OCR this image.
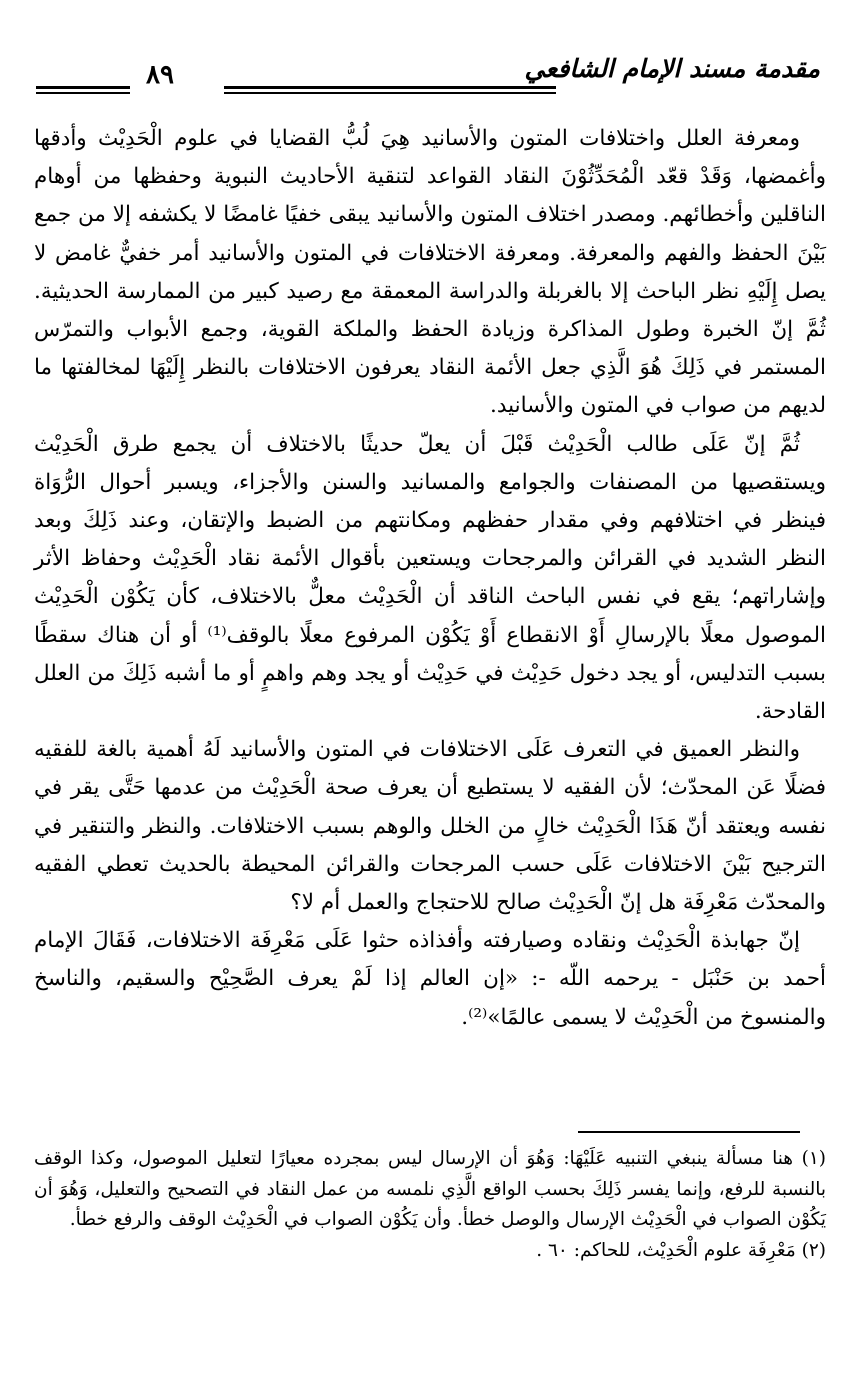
مقدمة مسند الإمام الشافعي
٨٩

ومعرفة العلل واختلافات المتون والأسانيد هِيَ لُبُّ القضايا في علوم الْحَدِيْث وأدقها وأغمضها، وَقَدْ قعّد الْمُحَدِّثُوْنَ النقاد القواعد لتنقية الأحاديث النبوية وحفظها من أوهام الناقلين وأخطائهم. ومصدر اختلاف المتون والأسانيد يبقى خفيًا غامضًا لا يكشفه إلا من جمع بَيْنَ الحفظ والفهم والمعرفة. ومعرفة الاختلافات في المتون والأسانيد أمر خفيٌّ غامض لا يصل إِلَيْهِ نظر الباحث إلا بالغربلة والدراسة المعمقة مع رصيد كبير من الممارسة الحديثية. ثُمَّ إنّ الخبرة وطول المذاكرة وزيادة الحفظ والملكة القوية، وجمع الأبواب والتمرّس المستمر في ذَلِكَ هُوَ الَّذِي جعل الأئمة النقاد يعرفون الاختلافات بالنظر إِلَيْهَا لمخالفتها ما لديهم من صواب في المتون والأسانيد.

ثُمَّ إنّ عَلَى طالب الْحَدِيْث قَبْلَ أن يعلّ حديثًا بالاختلاف أن يجمع طرق الْحَدِيْث ويستقصيها من المصنفات والجوامع والمسانيد والسنن والأجزاء، ويسبر أحوال الرُّوَاة فينظر في اختلافهم وفي مقدار حفظهم ومكانتهم من الضبط والإتقان، وعند ذَلِكَ وبعد النظر الشديد في القرائن والمرجحات ويستعين بأقوال الأئمة نقاد الْحَدِيْث وحفاظ الأثر وإشاراتهم؛ يقع في نفس الباحث الناقد أن الْحَدِيْث معلٌّ بالاختلاف، كأن يَكُوْن الْحَدِيْث الموصول معلًا بالإرسالِ أَوْ الانقطاع أَوْ يَكُوْن المرفوع معلًا بالوقف⁽¹⁾ أو أن هناك سقطًا بسبب التدليس، أو يجد دخول حَدِيْث في حَدِيْث أو يجد وهم واهمٍ أو ما أشبه ذَلِكَ من العلل القادحة.

والنظر العميق في التعرف عَلَى الاختلافات في المتون والأسانيد لَهُ أهمية بالغة للفقيه فضلًا عَن المحدّث؛ لأن الفقيه لا يستطيع أن يعرف صحة الْحَدِيْث من عدمها حَتَّى يقر في نفسه ويعتقد أنّ هَذَا الْحَدِيْث خالٍ من الخلل والوهم بسبب الاختلافات. والنظر والتنقير في الترجيح بَيْنَ الاختلافات عَلَى حسب المرجحات والقرائن المحيطة بالحديث تعطي الفقيه والمحدّث مَعْرِفَة هل إنّ الْحَدِيْث صالح للاحتجاج والعمل أم لا؟

إنّ جهابذة الْحَدِيْث ونقاده وصيارفته وأفذاذه حثوا عَلَى مَعْرِفَة الاختلافات، فَقَالَ الإمام أحمد بن حَنْبَل - يرحمه اللّه -: «إن العالم إذا لَمْ يعرف الصَّحِيْح والسقيم، والناسخ والمنسوخ من الْحَدِيْث لا يسمى عالمًا»⁽²⁾.

(١) هنا مسألة ينبغي التنبيه عَلَيْهَا: وَهُوَ أن الإرسال ليس بمجرده معيارًا لتعليل الموصول، وكذا الوقف بالنسبة للرفع، وإنما يفسر ذَلِكَ بحسب الواقع الَّذِي نلمسه من عمل النقاد في التصحيح والتعليل، وَهُوَ أن يَكُوْن الصواب في الْحَدِيْث الإرسال والوصل خطأ. وأن يَكُوْن الصواب في الْحَدِيْث الوقف والرفع خطأ.

(٢) مَعْرِفَة علوم الْحَدِيْث، للحاكم: ٦٠ .
